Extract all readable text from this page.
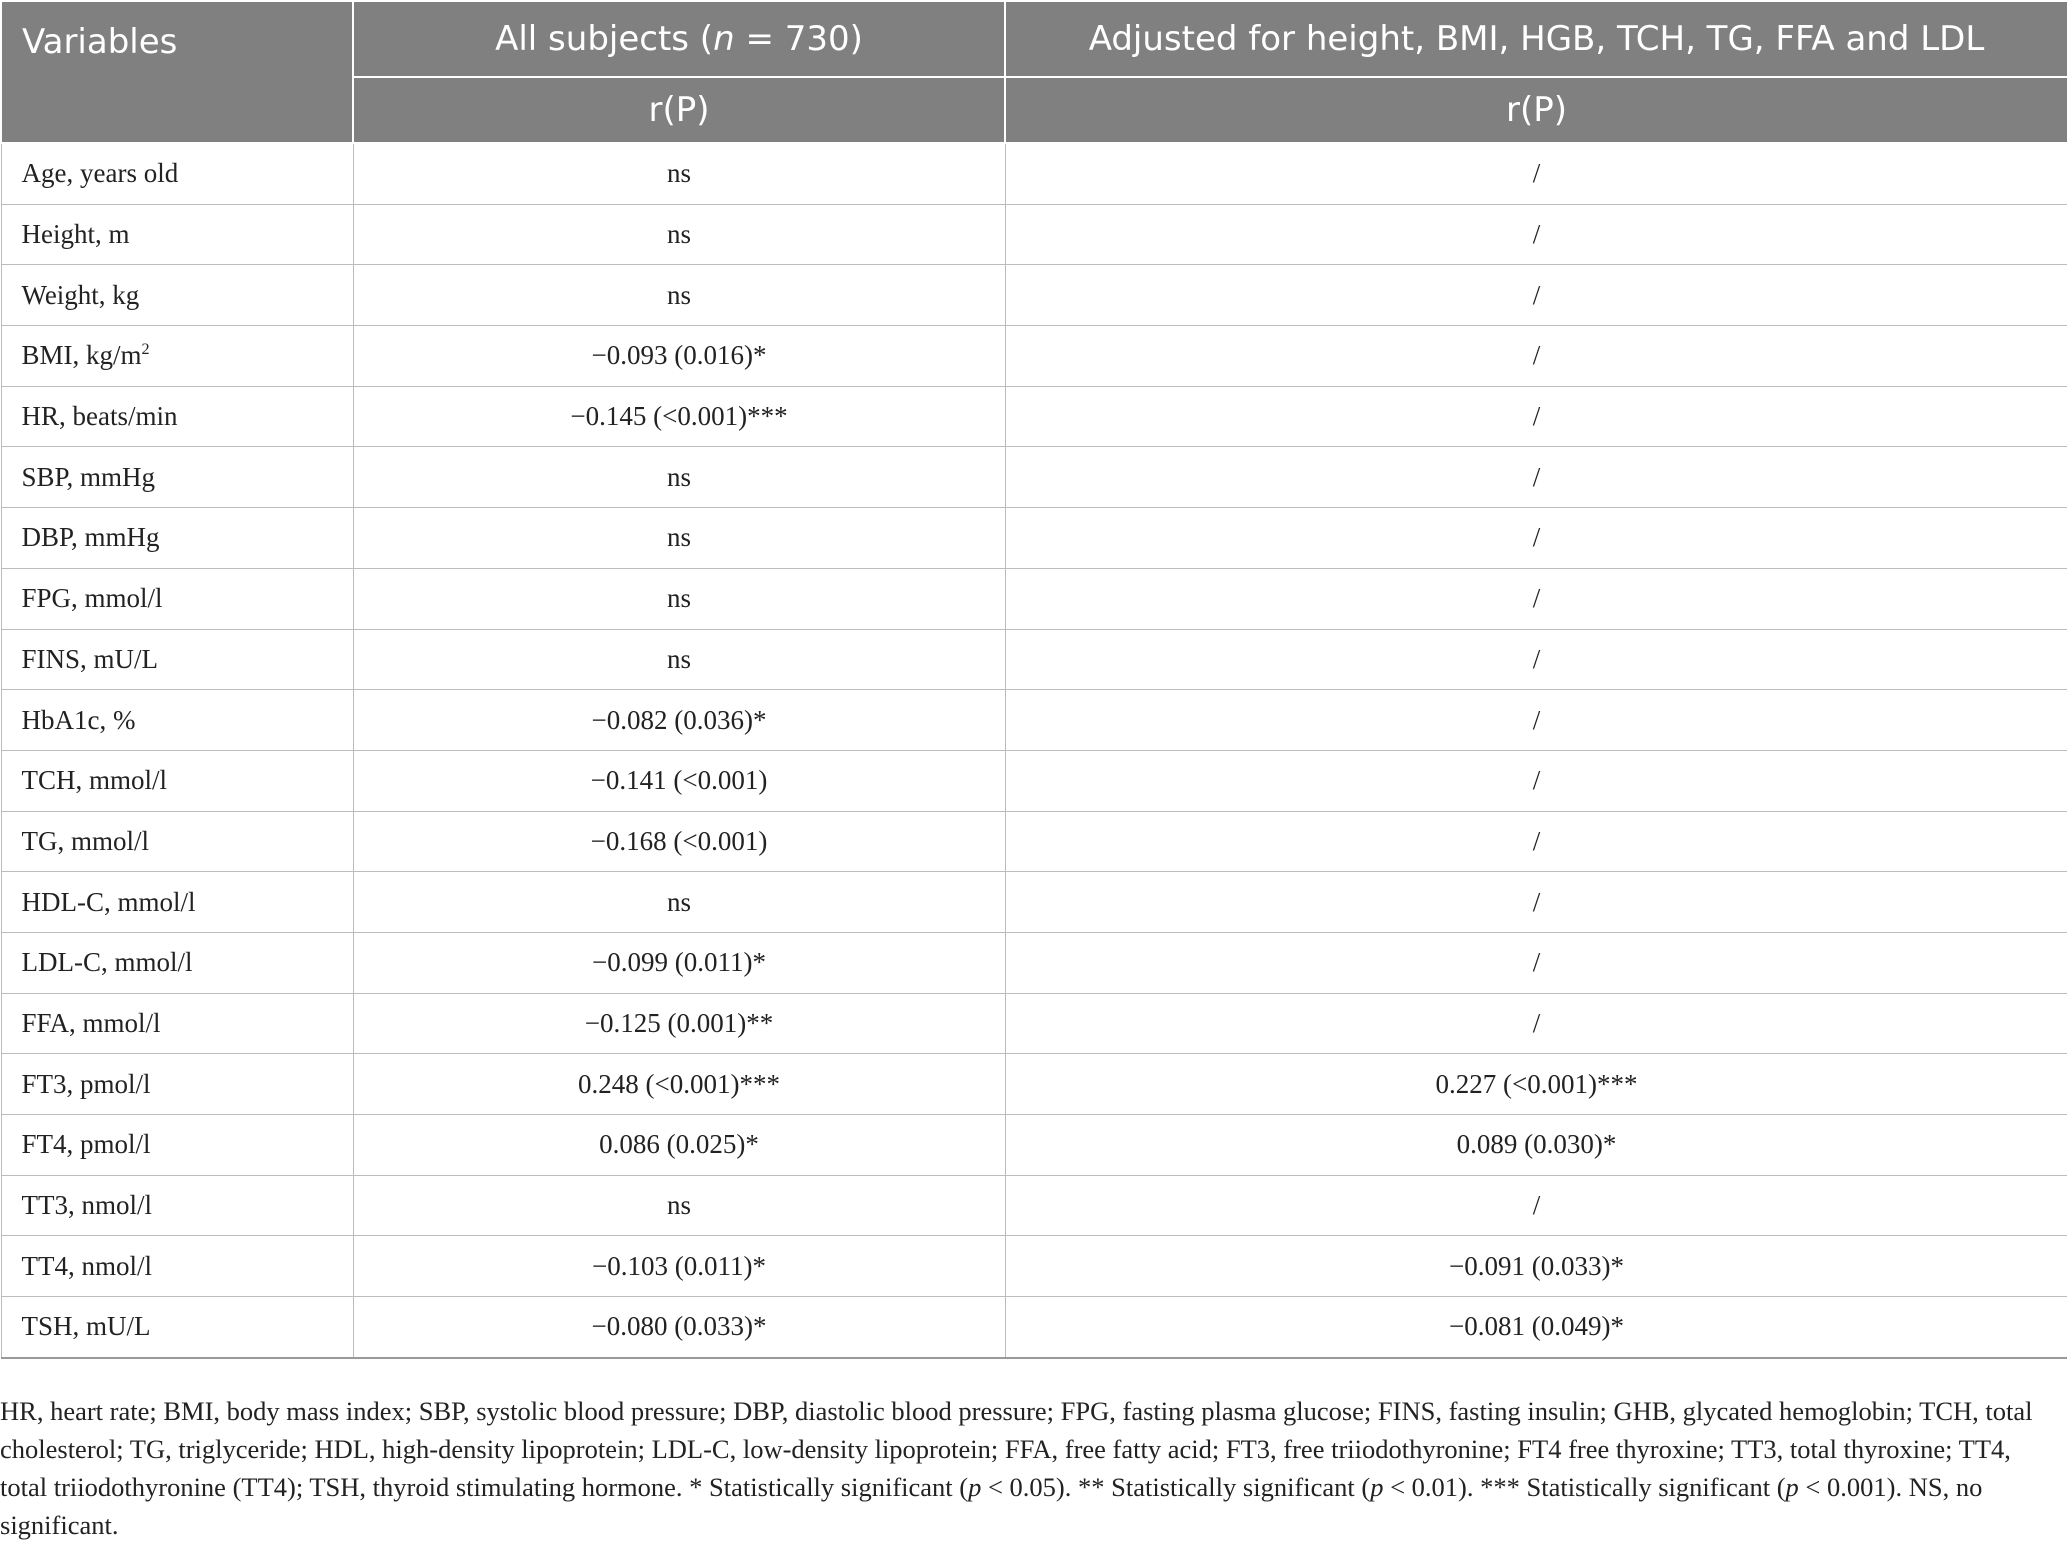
Variables	All subjects (n = 730)	Adjusted for height, BMI, HGB, TCH, TG, FFA and LDL
	r(P)	r(P)
Age, years old	ns	/
Height, m	ns	/
Weight, kg	ns	/
BMI, $kg/m^2$	−0.093 (0.016)*	/
HR, beats/min	−0.145 (<0.001)***	/
SBP, mmHg	ns	/
DBP, mmHg	ns	/
FPG, mmol/l	ns	/
FINS, mU/L	ns	/
HbA1c, %	−0.082 (0.036)*	/
TCH, mmol/l	−0.141 (<0.001)	/
TG, mmol/l	−0.168 (<0.001)	/
HDL-C, mmol/l	ns	/
LDL-C, mmol/l	−0.099 (0.011)*	/
FFA, mmol/l	−0.125 (0.001)**	/
FT3, pmol/l	0.248 (<0.001)***	0.227 (<0.001)***
FT4, pmol/l	0.086 (0.025)*	0.089 (0.030)*
TT3, nmol/l	ns	/
TT4, nmol/l	−0.103 (0.011)*	−0.091 (0.033)*
TSH, mU/L	−0.080 (0.033)*	−0.081 (0.049)*
HR, heart rate; BMI, body mass index; SBP, systolic blood pressure; DBP, diastolic blood pressure; FPG, fasting plasma glucose; FINS, fasting insulin; GHB, glycated hemoglobin; TCH, total cholesterol; TG, triglyceride; HDL, high-density lipoprotein; LDL-C, low-density lipoprotein; FFA, free fatty acid; FT3, free triiodothyronine; FT4 free thyroxine; TT3, total thyroxine; TT4, total triiodothyronine (TT4); TSH, thyroid stimulating hormone. * Statistically significant (p < 0.05). ** Statistically significant (p < 0.01). *** Statistically significant (p < 0.001). NS, no significant.
